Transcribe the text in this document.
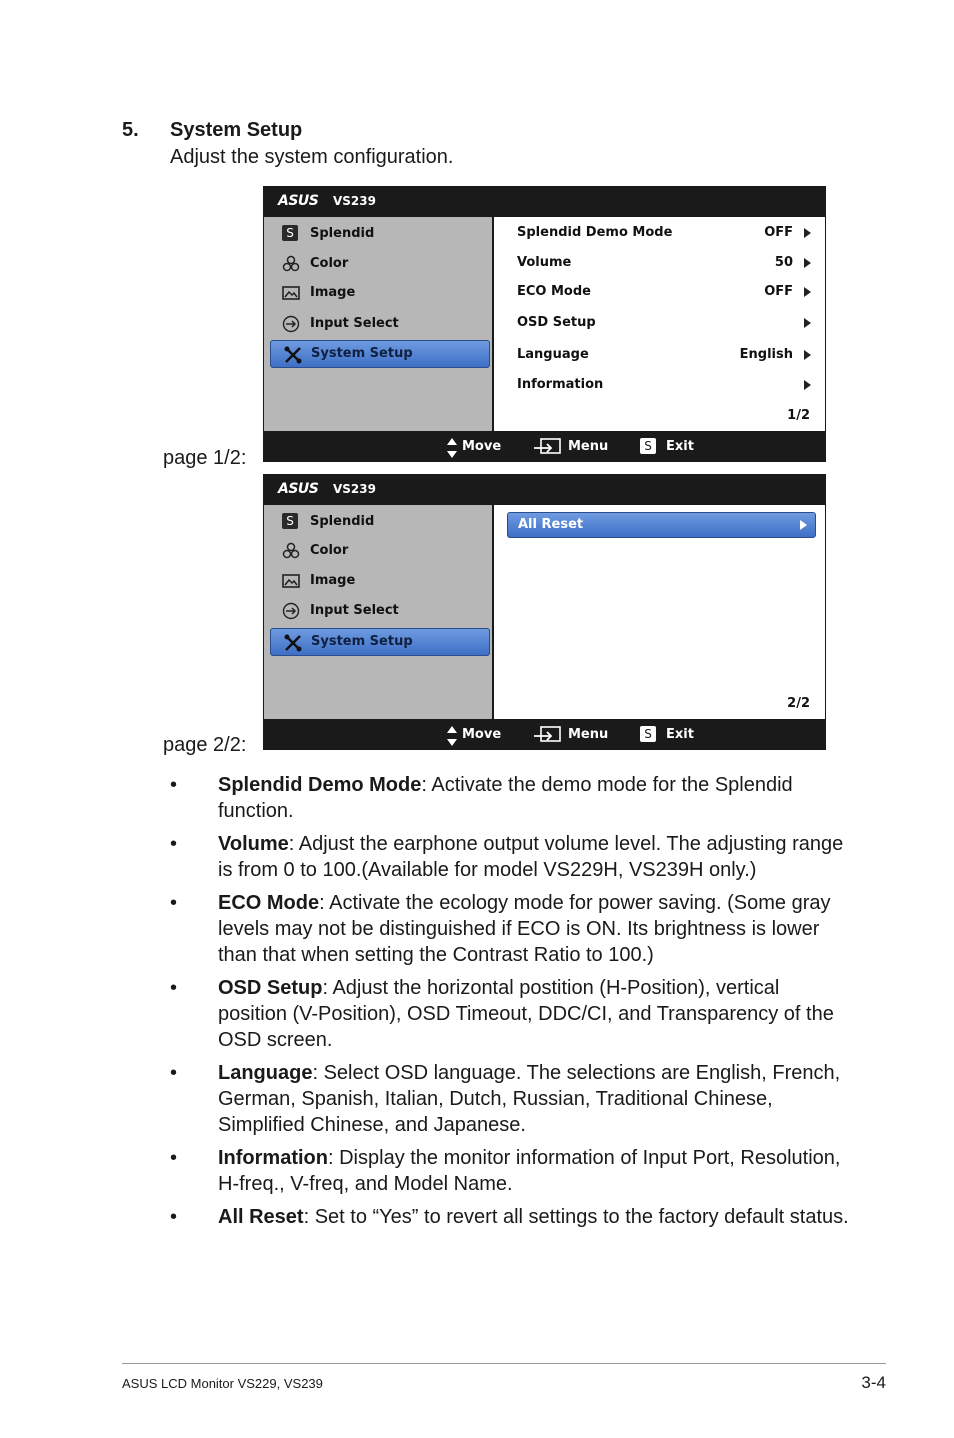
5. System Setup
Adjust the system configuration.
page 1/2:
ASUS VS239
S	Splendid
Color
Image
Input Select
System Setup
Splendid Demo Mode	OFF
Volume	50
ECO Mode	OFF
OSD Setup
Language	English
Information
1/2
Move	Menu	S	Exit
page 2/2:
ASUS VS239
S	Splendid
Color
Image
Input Select
System Setup
All Reset
2/2
Move	Menu	S	Exit
• Splendid Demo Mode: Activate the demo mode for the Splendid function.
• Volume: Adjust the earphone output volume level. The adjusting range is from 0 to 100.(Available for model VS229H, VS239H only.)
• ECO Mode: Activate the ecology mode for power saving. (Some gray levels may not be distinguished if ECO is ON. Its brightness is lower than that when setting the Contrast Ratio to 100.)
• OSD Setup: Adjust the horizontal postition (H-Position), vertical position (V-Position), OSD Timeout, DDC/CI, and Transparency of the OSD screen.
• Language: Select OSD language. The selections are English, French, German, Spanish, Italian, Dutch, Russian, Traditional Chinese, Simplified Chinese, and Japanese.
• Information: Display the monitor information of Input Port, Resolution, H-freq., V-freq, and Model Name.
• All Reset: Set to “Yes” to revert all settings to the factory default status.
ASUS LCD Monitor VS229, VS239	3-4
